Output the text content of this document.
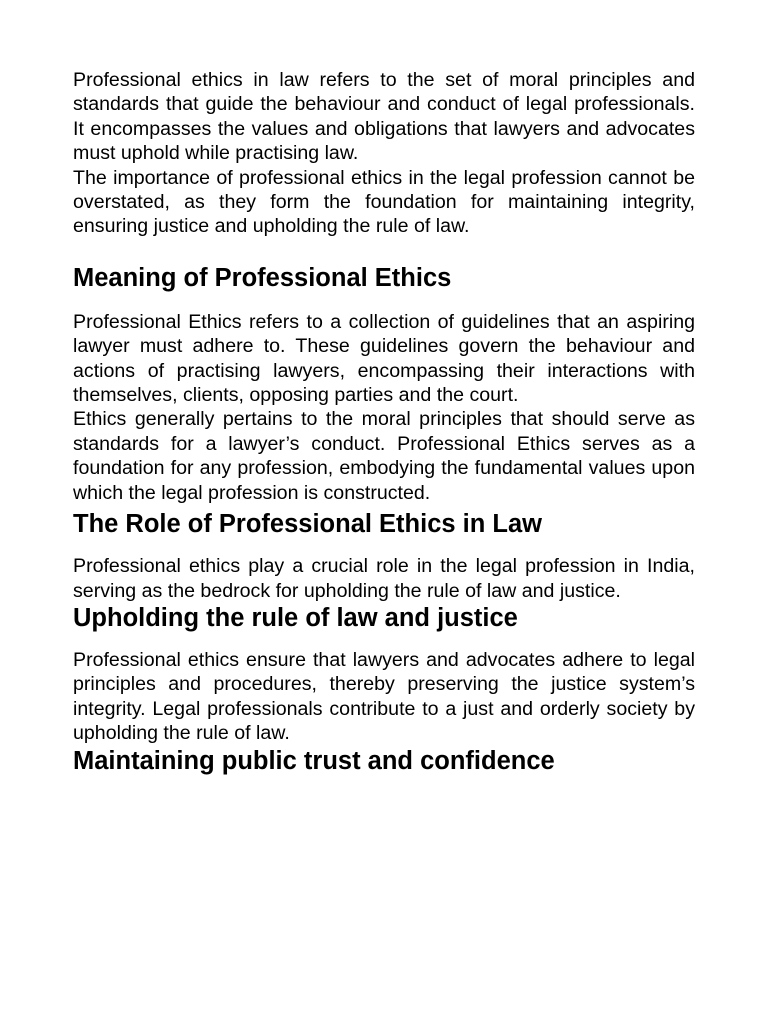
Professional ethics in law refers to the set of moral principles and standards that guide the behaviour and conduct of legal professionals. It encompasses the values and obligations that lawyers and advocates must uphold while practising law.

The importance of professional ethics in the legal profession cannot be overstated, as they form the foundation for maintaining integrity, ensuring justice and upholding the rule of law.

Meaning of Professional Ethics

Professional Ethics refers to a collection of guidelines that an aspiring lawyer must adhere to. These guidelines govern the behaviour and actions of practising lawyers, encompassing their interactions with themselves, clients, opposing parties and the court.

Ethics generally pertains to the moral principles that should serve as standards for a lawyer’s conduct. Professional Ethics serves as a foundation for any profession, embodying the fundamental values upon which the legal profession is constructed.

The Role of Professional Ethics in Law

Professional ethics play a crucial role in the legal profession in India, serving as the bedrock for upholding the rule of law and justice.

Upholding the rule of law and justice

Professional ethics ensure that lawyers and advocates adhere to legal principles and procedures, thereby preserving the justice system’s integrity. Legal professionals contribute to a just and orderly society by upholding the rule of law.

Maintaining public trust and confidence
